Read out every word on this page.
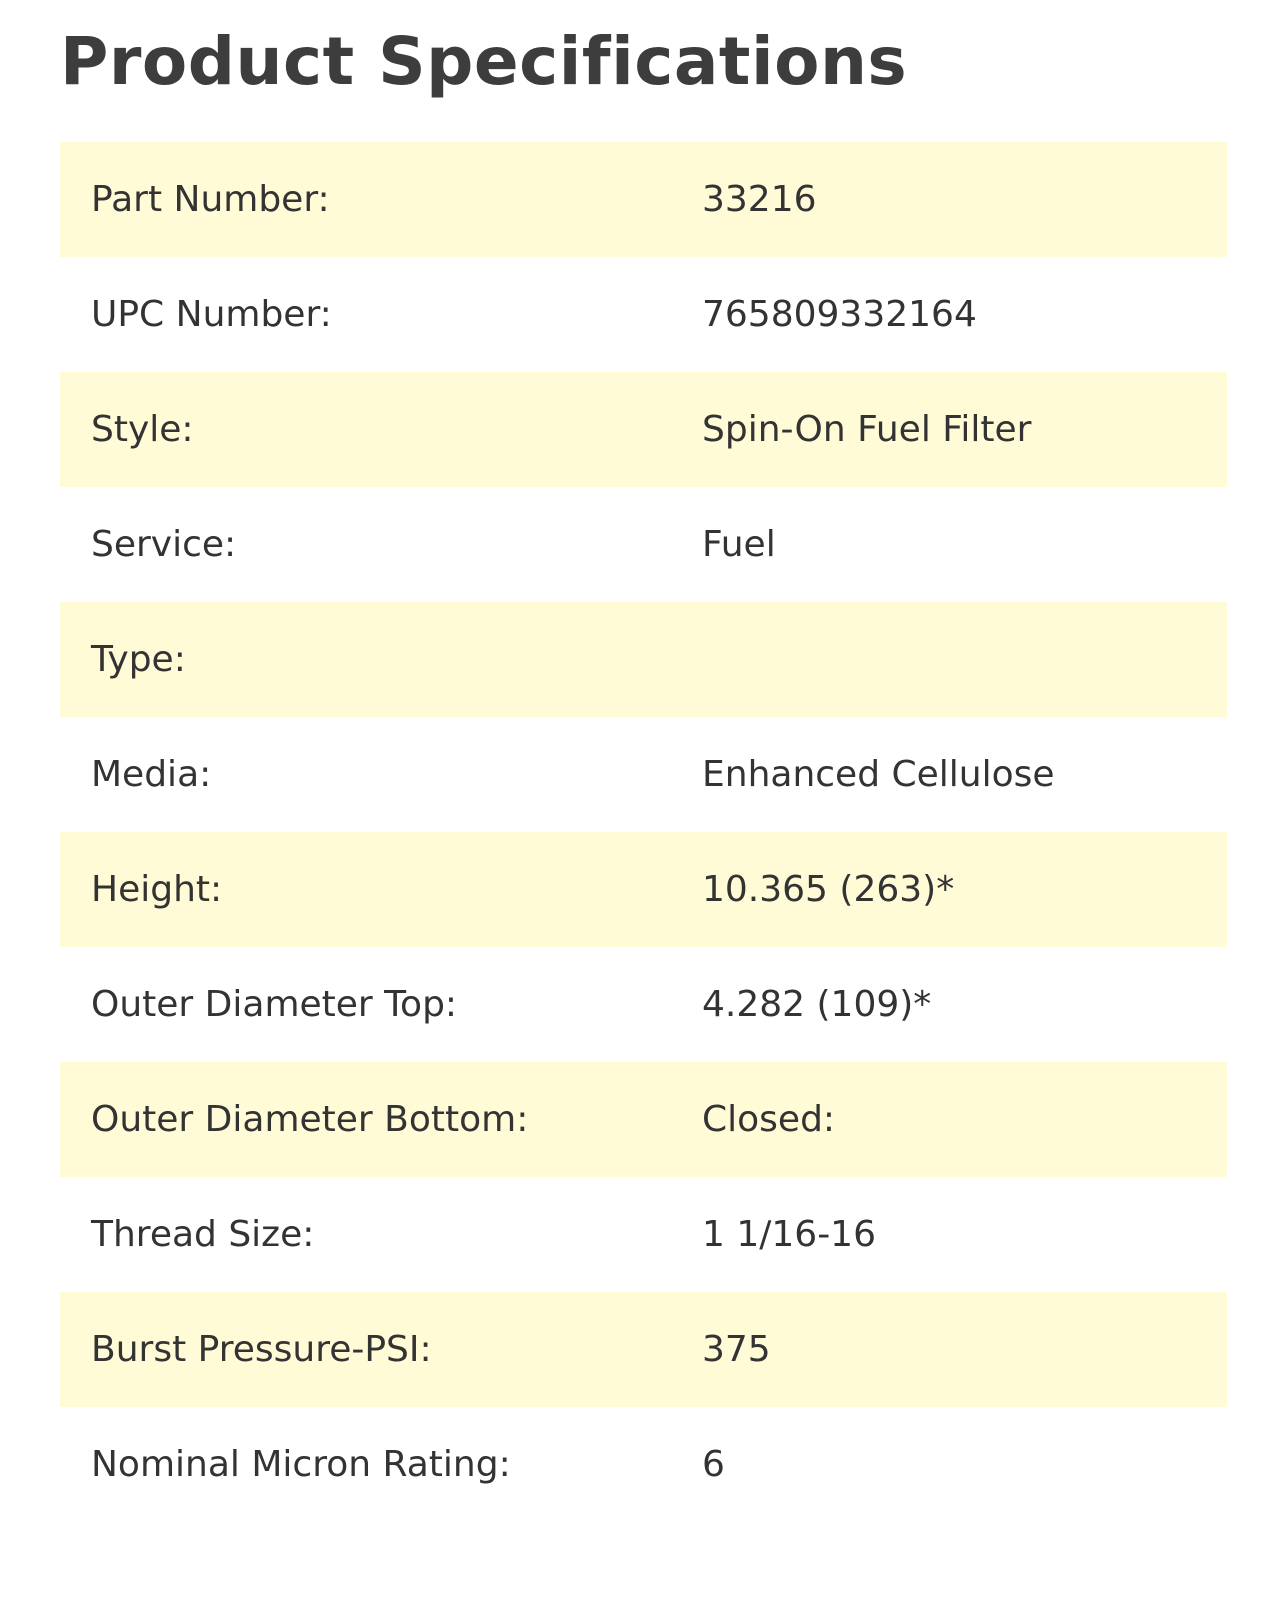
Product Specifications
Part Number:	33216
UPC Number:	765809332164
Style:	Spin-On Fuel Filter
Service:	Fuel
Type:
Media:	Enhanced Cellulose
Height:	10.365 (263)*
Outer Diameter Top:	4.282 (109)*
Outer Diameter Bottom:	Closed:
Thread Size:	1 1/16-16
Burst Pressure-PSI:	375
Nominal Micron Rating:	6
